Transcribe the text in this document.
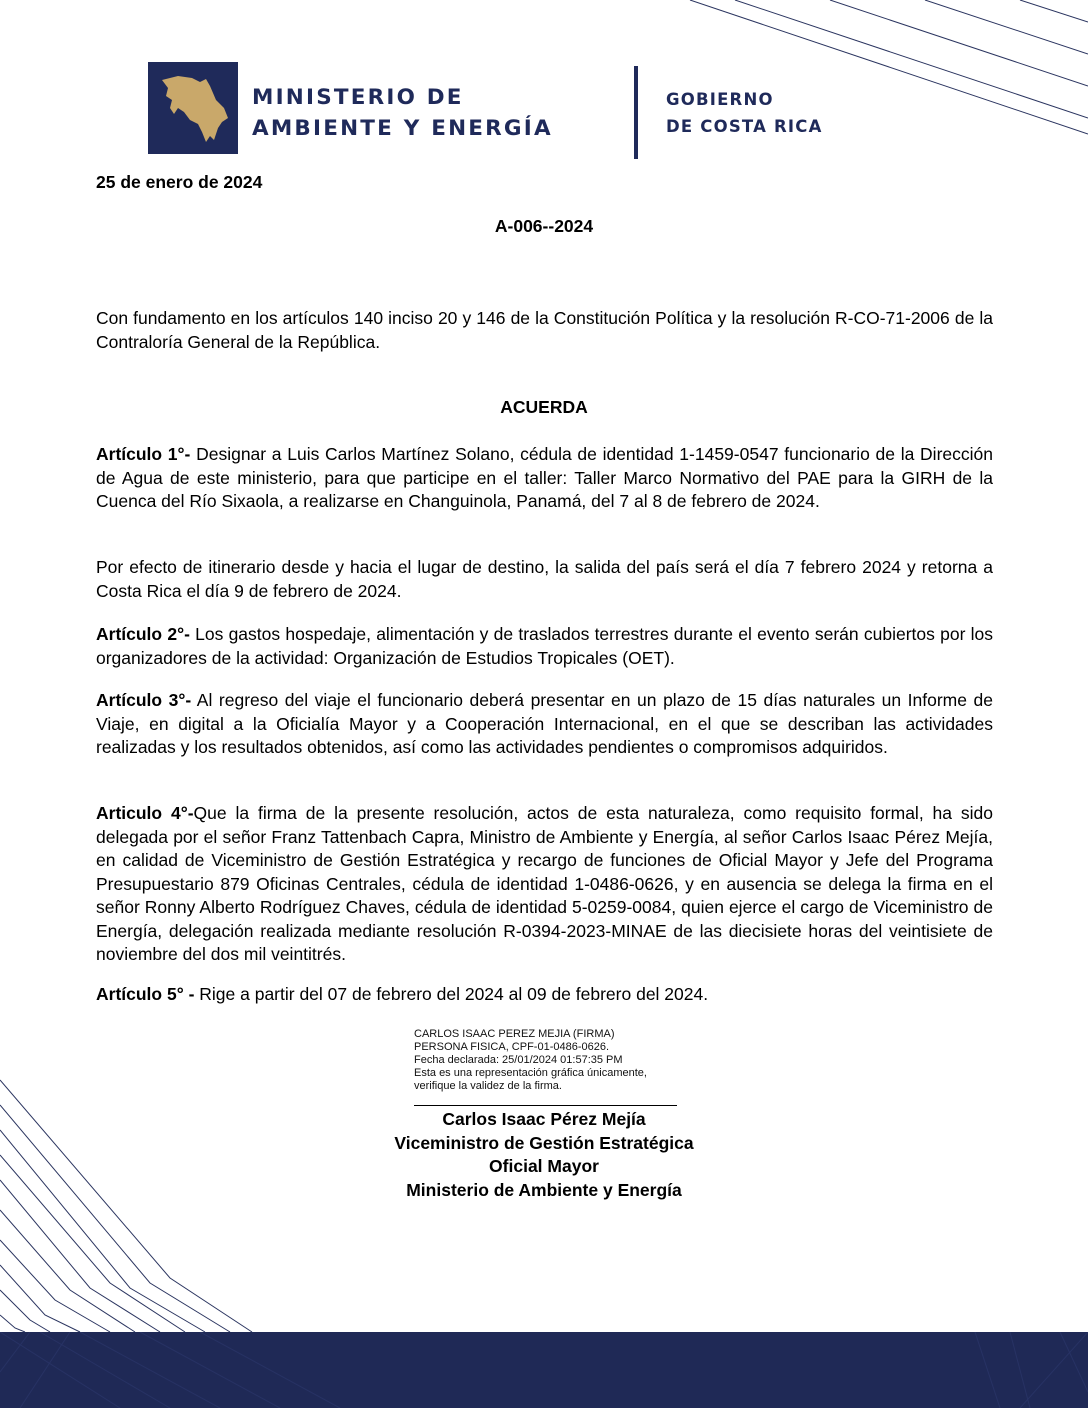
MINISTERIO DE
AMBIENTE Y ENERGÍA
GOBIERNO
DE COSTA RICA
25 de enero de 2024
A-006--2024
Con fundamento en los artículos 140 inciso 20 y 146 de la Constitución Política y la resolución R-CO-71-2006 de la Contraloría General de la República.
ACUERDA
Artículo 1°- Designar a Luis Carlos Martínez Solano, cédula de identidad 1-1459-0547 funcionario de la Dirección de Agua de este ministerio, para que participe en el taller: Taller Marco Normativo del PAE para la GIRH de la Cuenca del Río Sixaola, a realizarse en Changuinola, Panamá, del 7 al 8 de febrero de 2024.
Por efecto de itinerario desde y hacia el lugar de destino, la salida del país será el día 7 febrero 2024 y retorna a Costa Rica el día 9 de febrero de 2024.
Artículo 2°- Los gastos hospedaje, alimentación y de traslados terrestres durante el evento serán cubiertos por los organizadores de la actividad: Organización de Estudios Tropicales (OET).
Artículo 3°- Al regreso del viaje el funcionario deberá presentar en un plazo de 15 días naturales un Informe de Viaje, en digital a la Oficialía Mayor y a Cooperación Internacional, en el que se describan las actividades realizadas y los resultados obtenidos, así como las actividades pendientes o compromisos adquiridos.
Articulo 4°-Que la firma de la presente resolución, actos de esta naturaleza, como requisito formal, ha sido delegada por el señor Franz Tattenbach Capra, Ministro de Ambiente y Energía, al señor Carlos Isaac Pérez Mejía, en calidad de Viceministro de Gestión Estratégica y recargo de funciones de Oficial Mayor y Jefe del Programa Presupuestario 879 Oficinas Centrales, cédula de identidad 1-0486-0626, y en ausencia se delega la firma en el señor Ronny Alberto Rodríguez Chaves, cédula de identidad 5-0259-0084, quien ejerce el cargo de Viceministro de Energía, delegación realizada mediante resolución R-0394-2023-MINAE de las diecisiete horas del veintisiete de noviembre del dos mil veintitrés.
Artículo 5° - Rige a partir del 07 de febrero del 2024 al 09 de febrero del 2024.
CARLOS ISAAC PEREZ MEJIA (FIRMA)
PERSONA FISICA, CPF-01-0486-0626.
Fecha declarada: 25/01/2024 01:57:35 PM
Esta es una representación gráfica únicamente,
verifique la validez de la firma.
Carlos Isaac Pérez Mejía
Viceministro de Gestión Estratégica
Oficial Mayor
Ministerio de Ambiente y Energía
